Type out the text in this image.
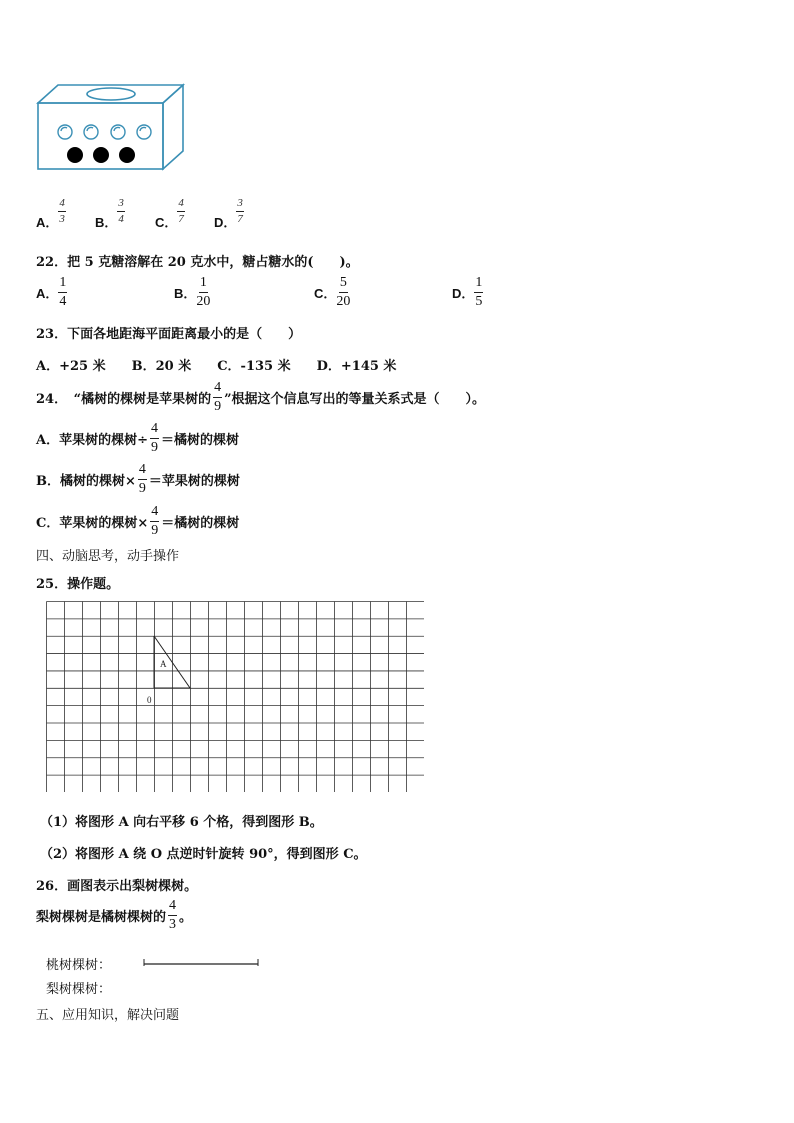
A． $\frac{4}{3}$ B． $\frac{3}{4}$ C． $\frac{4}{7}$ D． $\frac{3}{7}$
22．把 5 克糖溶解在 20 克水中，糖占糖水的(　　)。
A． $\frac{1}{4}$	B． $\frac{1}{20}$	C． $\frac{5}{20}$	D． $\frac{1}{5}$
23．下面各地距海平面距离最小的是（　　）
A．+25 米　　B．20 米　　C．-135 米　　D．+145 米
24．　“橘树的棵树是苹果树的 $\frac{4}{9}$ ”根据这个信息写出的等量关系式是（　　）。
A．苹果树的棵树÷ $\frac{4}{9}$ ＝橘树的棵树
B．橘树的棵树× $\frac{4}{9}$ ＝苹果树的棵树
C．苹果树的棵树× $\frac{4}{9}$ ＝橘树的棵树
四、动脑思考，动手操作
25．操作题。
A
0
（1）将图形 A 向右平移 6 个格，得到图形 B。
（2）将图形 A 绕 O 点逆时针旋转 90°，得到图形 C。
26．画图表示出梨树棵树。
梨树棵树是橘树棵树的 $\frac{4}{3}$ 。
桃树棵树：
梨树棵树：
五、应用知识，解决问题
